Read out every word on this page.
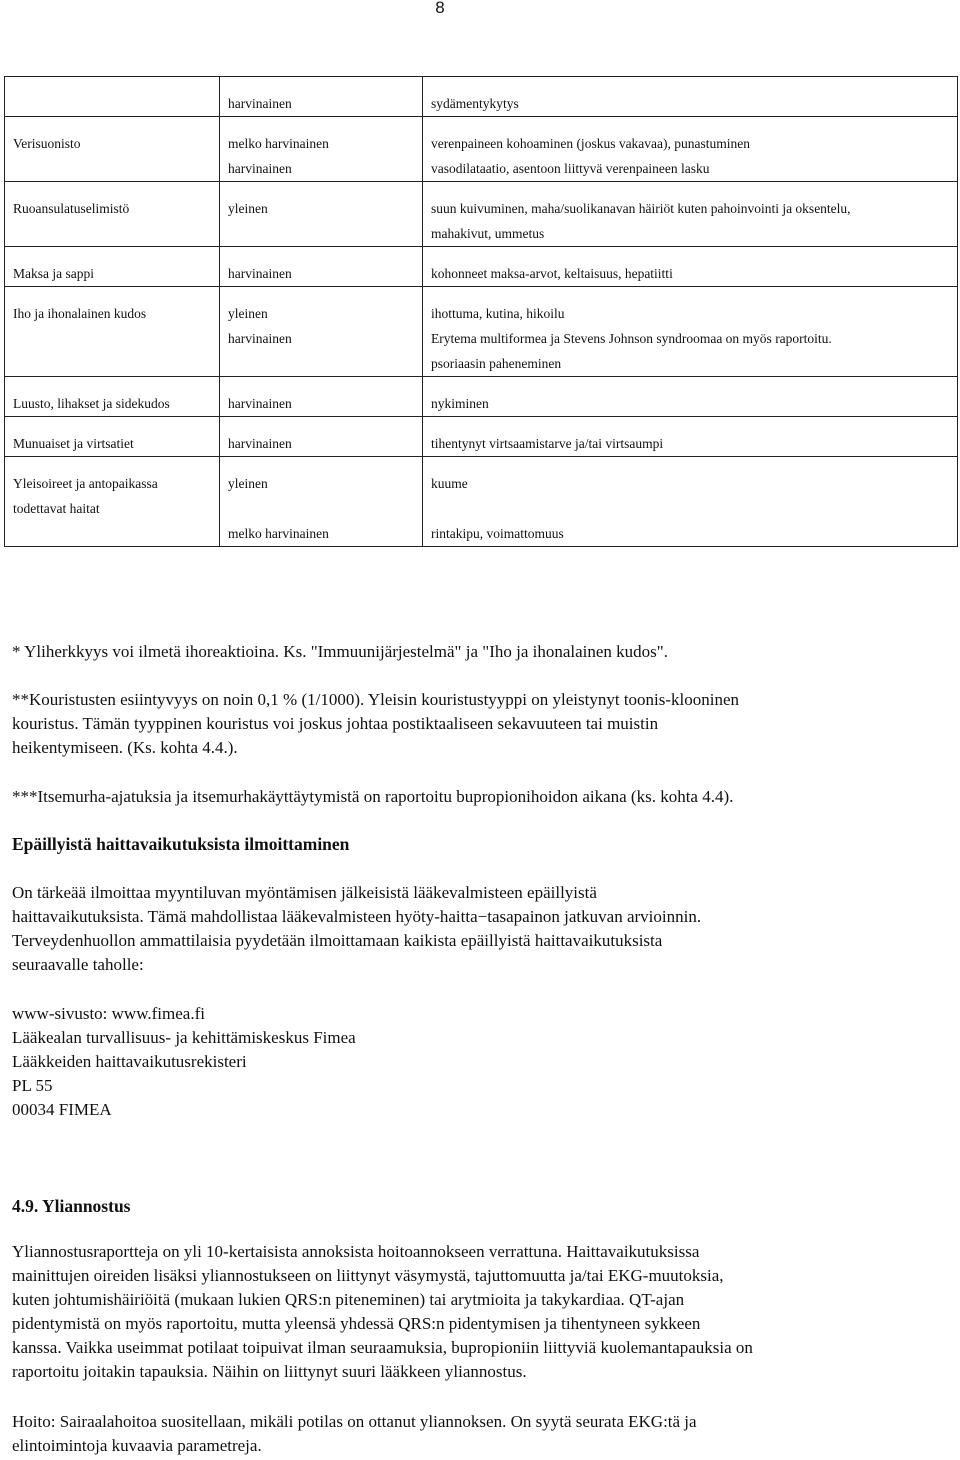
8

	harvinainen	sydämentykytys

Verisuonisto	melko harvinainen	verenpaineen kohoaminen (joskus vakavaa), punastuminen
	harvinainen	vasodilataatio, asentoon liittyvä verenpaineen lasku

Ruoansulatuselimistö	yleinen	suun kuivuminen, maha/suolikanavan häiriöt kuten pahoinvointi ja oksentelu,
		mahakivut, ummetus

Maksa ja sappi	harvinainen	kohonneet maksa-arvot, keltaisuus, hepatiitti

Iho ja ihonalainen kudos	yleinen	ihottuma, kutina, hikoilu
	harvinainen	Erytema multiformea ja Stevens Johnson syndroomaa on myös raportoitu.
		psoriaasin paheneminen

Luusto, lihakset ja sidekudos	harvinainen	nykiminen

Munuaiset ja virtsatiet	harvinainen	tihentynyt virtsaamistarve ja/tai virtsaumpi

Yleisoireet ja antopaikassa	yleinen	kuume
todettavat haitat		
	melko harvinainen	rintakipu, voimattomuus

* Yliherkkyys voi ilmetä ihoreaktioina. Ks. "Immuunijärjestelmä" ja "Iho ja ihonalainen kudos".

**Kouristusten esiintyvyys on noin 0,1 % (1/1000). Yleisin kouristustyyppi on yleistynyt toonis-klooninen

kouristus. Tämän tyyppinen kouristus voi joskus johtaa postiktaaliseen sekavuuteen tai muistin

heikentymiseen. (Ks. kohta 4.4.).

***Itsemurha-ajatuksia ja itsemurhakäyttäytymistä on raportoitu bupropionihoidon aikana (ks. kohta 4.4).

Epäillyistä haittavaikutuksista ilmoittaminen

On tärkeää ilmoittaa myyntiluvan myöntämisen jälkeisistä lääkevalmisteen epäillyistä

haittavaikutuksista. Tämä mahdollistaa lääkevalmisteen hyöty-haitta−tasapainon jatkuvan arvioinnin.

Terveydenhuollon ammattilaisia pyydetään ilmoittamaan kaikista epäillyistä haittavaikutuksista

seuraavalle taholle:

www-sivusto: www.fimea.fi

Lääkealan turvallisuus- ja kehittämiskeskus Fimea

Lääkkeiden haittavaikutusrekisteri

PL 55

00034 FIMEA

4.9. Yliannostus

Yliannostusraportteja on yli 10-kertaisista annoksista hoitoannokseen verrattuna. Haittavaikutuksissa

mainittujen oireiden lisäksi yliannostukseen on liittynyt väsymystä, tajuttomuutta ja/tai EKG-muutoksia,

kuten johtumishäiriöitä (mukaan lukien QRS:n piteneminen) tai arytmioita ja takykardiaa. QT-ajan

pidentymistä on myös raportoitu, mutta yleensä yhdessä QRS:n pidentymisen ja tihentyneen sykkeen

kanssa. Vaikka useimmat potilaat toipuivat ilman seuraamuksia, bupropioniin liittyviä kuolemantapauksia on

raportoitu joitakin tapauksia. Näihin on liittynyt suuri lääkkeen yliannostus.

Hoito: Sairaalahoitoa suositellaan, mikäli potilas on ottanut yliannoksen. On syytä seurata EKG:tä ja

elintoimintoja kuvaavia parametreja.
